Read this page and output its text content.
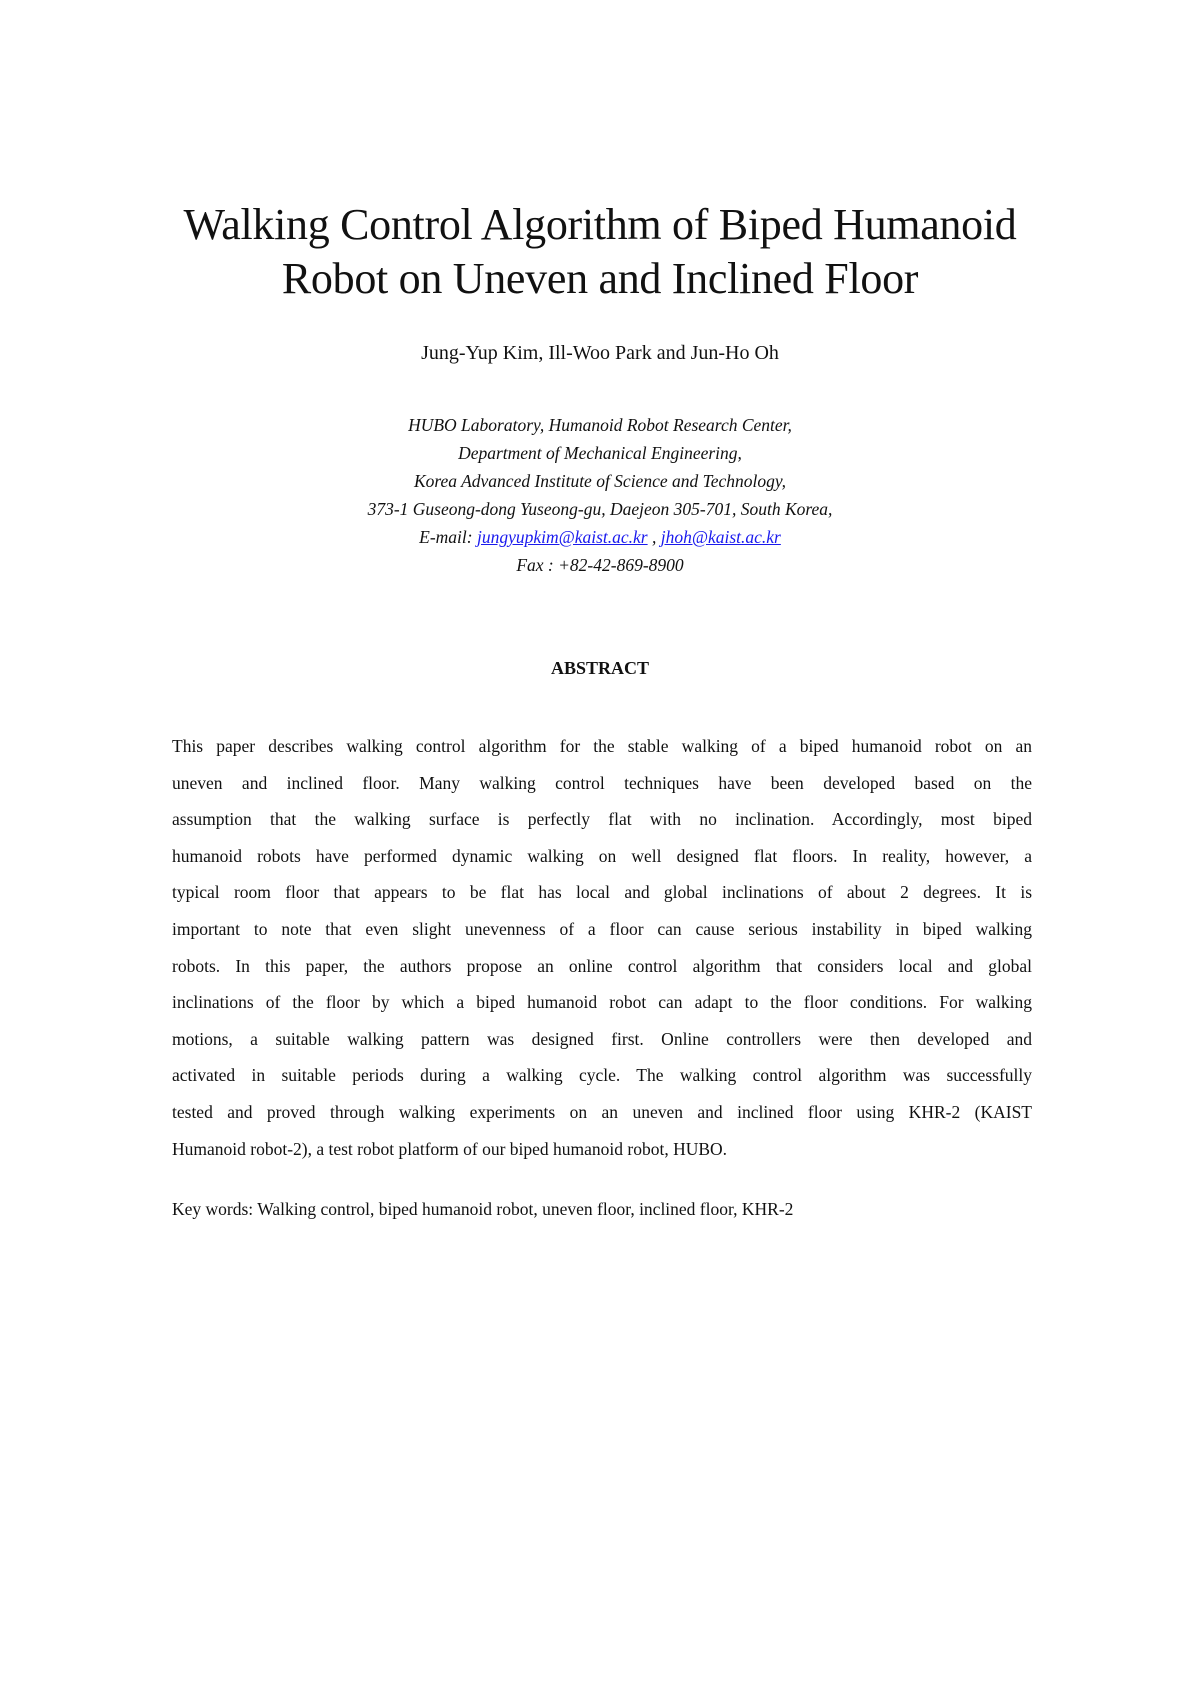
Walking Control Algorithm of Biped Humanoid
Robot on Uneven and Inclined Floor
Jung-Yup Kim, Ill-Woo Park and Jun-Ho Oh
HUBO Laboratory, Humanoid Robot Research Center,
Department of Mechanical Engineering,
Korea Advanced Institute of Science and Technology,
373-1 Guseong-dong Yuseong-gu, Daejeon 305-701, South Korea,
E-mail: jungyupkim@kaist.ac.kr , jhoh@kaist.ac.kr
Fax : +82-42-869-8900
ABSTRACT
This paper describes walking control algorithm for the stable walking of a biped humanoid robot on an
uneven and inclined floor. Many walking control techniques have been developed based on the
assumption that the walking surface is perfectly flat with no inclination. Accordingly, most biped
humanoid robots have performed dynamic walking on well designed flat floors. In reality, however, a
typical room floor that appears to be flat has local and global inclinations of about 2 degrees. It is
important to note that even slight unevenness of a floor can cause serious instability in biped walking
robots. In this paper, the authors propose an online control algorithm that considers local and global
inclinations of the floor by which a biped humanoid robot can adapt to the floor conditions. For walking
motions, a suitable walking pattern was designed first. Online controllers were then developed and
activated in suitable periods during a walking cycle. The walking control algorithm was successfully
tested and proved through walking experiments on an uneven and inclined floor using KHR-2 (KAIST
Humanoid robot-2), a test robot platform of our biped humanoid robot, HUBO.
Key words: Walking control, biped humanoid robot, uneven floor, inclined floor, KHR-2
